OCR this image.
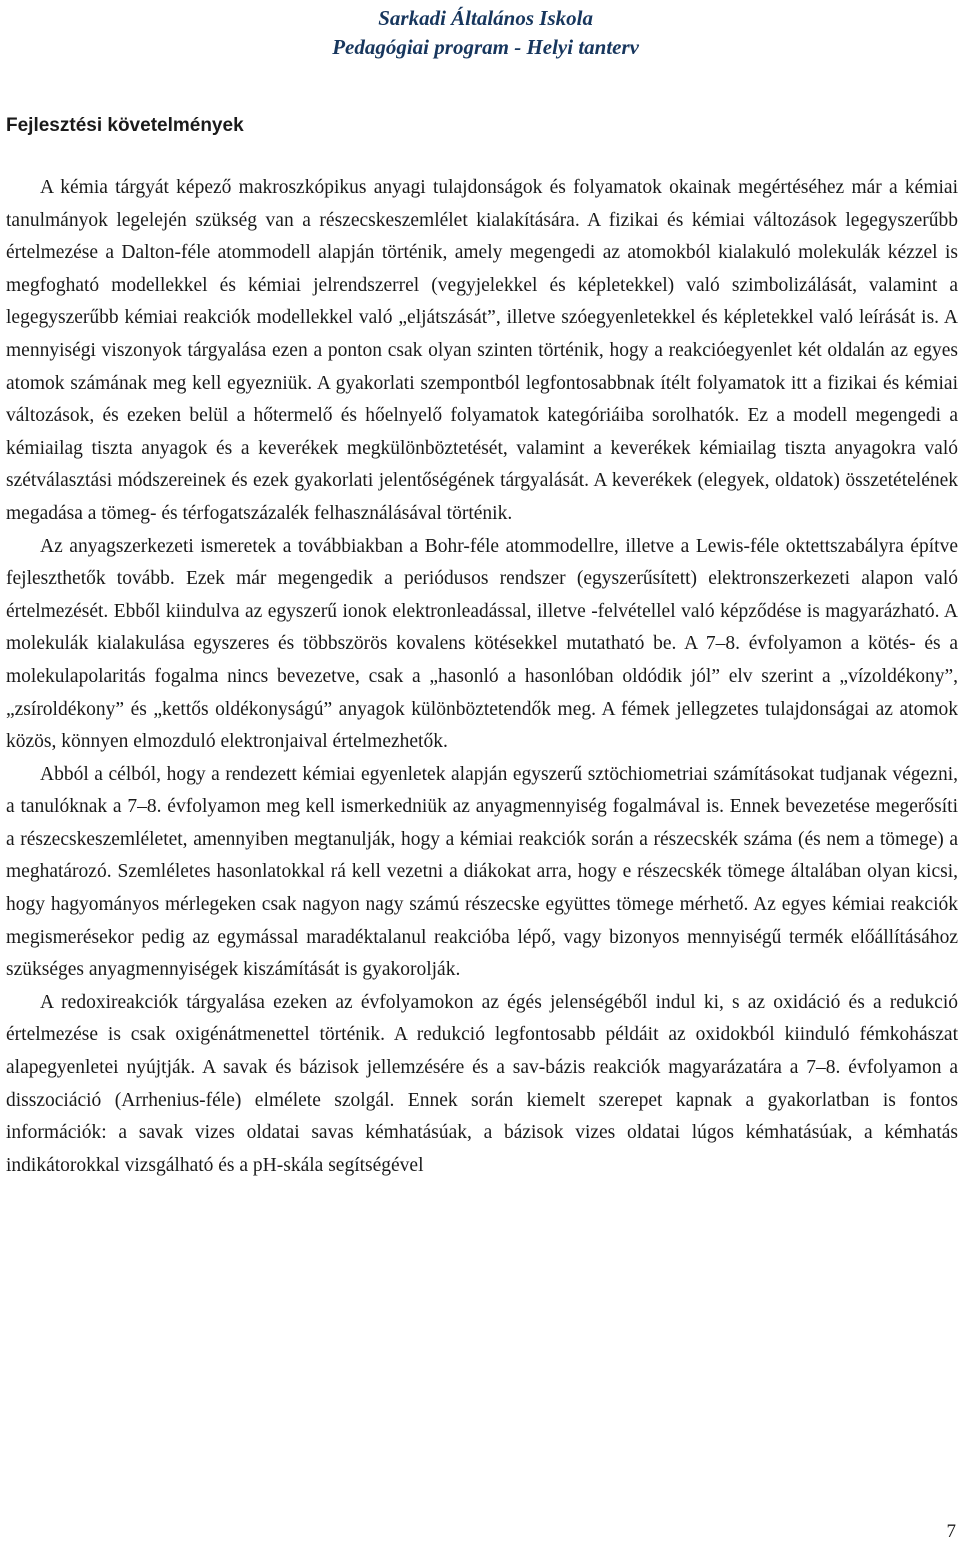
Sarkadi Általános Iskola
Pedagógiai program - Helyi tanterv
Fejlesztési követelmények

A kémia tárgyát képező makroszkópikus anyagi tulajdonságok és folyamatok okainak megértéséhez már a kémiai tanulmányok legelején szükség van a részecskeszemlélet kialakítására. A fizikai és kémiai változások legegyszerűbb értelmezése a Dalton-féle atommodell alapján történik, amely megengedi az atomokból kialakuló molekulák kézzel is megfogható modellekkel és kémiai jelrendszerrel (vegyjelekkel és képletekkel) való szimbolizálását, valamint a legegyszerűbb kémiai reakciók modellekkel való „eljátszását”, illetve szóegyenletekkel és képletekkel való leírását is. A mennyiségi viszonyok tárgyalása ezen a ponton csak olyan szinten történik, hogy a reakcióegyenlet két oldalán az egyes atomok számának meg kell egyezniük. A gyakorlati szempontból legfontosabbnak ítélt folyamatok itt a fizikai és kémiai változások, és ezeken belül a hőtermelő és hőelnyelő folyamatok kategóriáiba sorolhatók. Ez a modell megengedi a kémiailag tiszta anyagok és a keverékek megkülönböztetését, valamint a keverékek kémiailag tiszta anyagokra való szétválasztási módszereinek és ezek gyakorlati jelentőségének tárgyalását. A keverékek (elegyek, oldatok) összetételének megadása a tömeg- és térfogatszázalék felhasználásával történik.

Az anyagszerkezeti ismeretek a továbbiakban a Bohr-féle atommodellre, illetve a Lewis-féle oktettszabályra építve fejleszthetők tovább. Ezek már megengedik a periódusos rendszer (egyszerűsített) elektronszerkezeti alapon való értelmezését. Ebből kiindulva az egyszerű ionok elektronleadással, illetve -felvétellel való képződése is magyarázható. A molekulák kialakulása egyszeres és többszörös kovalens kötésekkel mutatható be. A 7–8. évfolyamon a kötés- és a molekulapolaritás fogalma nincs bevezetve, csak a „hasonló a hasonlóban oldódik jól” elv szerint a „vízoldékony”, „zsíroldékony” és „kettős oldékonyságú” anyagok különböztetendők meg. A fémek jellegzetes tulajdonságai az atomok közös, könnyen elmozduló elektronjaival értelmezhetők.

Abból a célból, hogy a rendezett kémiai egyenletek alapján egyszerű sztöchiometriai számításokat tudjanak végezni, a tanulóknak a 7–8. évfolyamon meg kell ismerkedniük az anyagmennyiség fogalmával is. Ennek bevezetése megerősíti a részecskeszemléletet, amennyiben megtanulják, hogy a kémiai reakciók során a részecskék száma (és nem a tömege) a meghatározó. Szemléletes hasonlatokkal rá kell vezetni a diákokat arra, hogy e részecskék tömege általában olyan kicsi, hogy hagyományos mérlegeken csak nagyon nagy számú részecske együttes tömege mérhető. Az egyes kémiai reakciók megismerésekor pedig az egymással maradéktalanul reakcióba lépő, vagy bizonyos mennyiségű termék előállításához szükséges anyagmennyiségek kiszámítását is gyakorolják.

A redoxireakciók tárgyalása ezeken az évfolyamokon az égés jelenségéből indul ki, s az oxidáció és a redukció értelmezése is csak oxigénátmenettel történik. A redukció legfontosabb példáit az oxidokból kiinduló fémkohászat alapegyenletei nyújtják. A savak és bázisok jellemzésére és a sav-bázis reakciók magyarázatára a 7–8. évfolyamon a disszociáció (Arrhenius-féle) elmélete szolgál. Ennek során kiemelt szerepet kapnak a gyakorlatban is fontos információk: a savak vizes oldatai savas kémhatásúak, a bázisok vizes oldatai lúgos kémhatásúak, a kémhatás indikátorokkal vizsgálható és a pH-skála segítségével

7
